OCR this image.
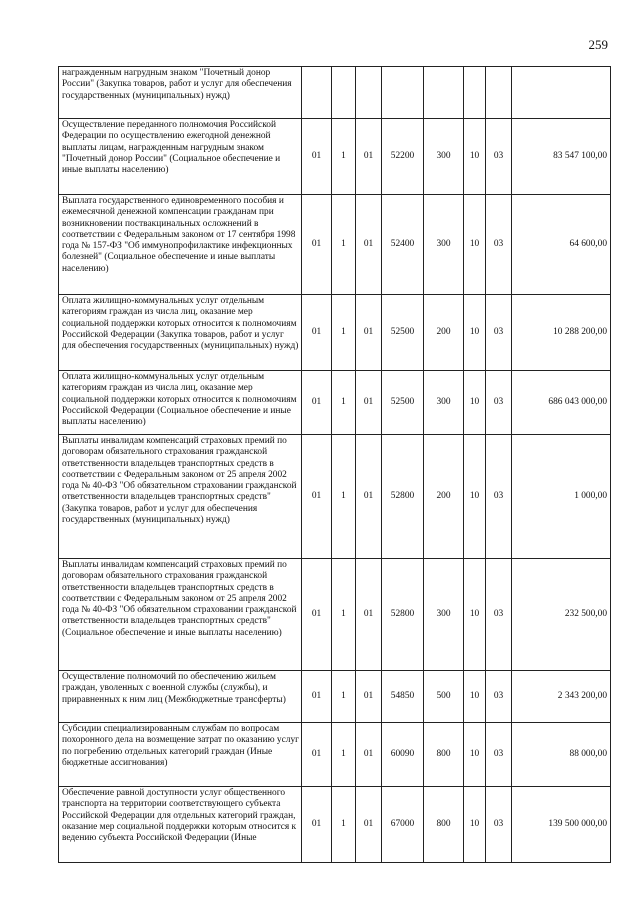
259
награжденным нагрудным знаком "Почетный донор России" (Закупка товаров, работ и услуг для обеспечения государственных (муниципальных) нужд)								
Осуществление переданного полномочия Российской Федерации по осуществлению ежегодной денежной выплаты лицам, награжденным нагрудным знаком "Почетный донор России" (Социальное обеспечение и иные выплаты населению)	01	1	01	52200	300	10	03	83 547 100,00
Выплата государственного единовременного пособия и ежемесячной денежной компенсации гражданам при возникновении поствакцинальных осложнений в соответствии с Федеральным законом от 17 сентября 1998 года № 157-ФЗ "Об иммунопрофилактике инфекционных болезней" (Социальное обеспечение и иные выплаты населению)	01	1	01	52400	300	10	03	64 600,00
Оплата жилищно-коммунальных услуг отдельным категориям граждан из числа лиц, оказание мер социальной поддержки которых относится к полномочиям Российской Федерации (Закупка товаров, работ и услуг для обеспечения государственных (муниципальных) нужд)	01	1	01	52500	200	10	03	10 288 200,00
Оплата жилищно-коммунальных услуг отдельным категориям граждан из числа лиц, оказание мер социальной поддержки которых относится к полномочиям Российской Федерации (Социальное обеспечение и иные выплаты населению)	01	1	01	52500	300	10	03	686 043 000,00
Выплаты инвалидам компенсаций страховых премий по договорам обязательного страхования гражданской ответственности владельцев транспортных средств в соответствии с Федеральным законом от 25 апреля 2002 года № 40-ФЗ "Об обязательном страховании гражданской ответственности владельцев транспортных средств" (Закупка товаров, работ и услуг для обеспечения государственных (муниципальных) нужд)	01	1	01	52800	200	10	03	1 000,00
Выплаты инвалидам компенсаций страховых премий по договорам обязательного страхования гражданской ответственности владельцев транспортных средств в соответствии с Федеральным законом от 25 апреля 2002 года № 40-ФЗ "Об обязательном страховании гражданской ответственности владельцев транспортных средств" (Социальное обеспечение и иные выплаты населению)	01	1	01	52800	300	10	03	232 500,00
Осуществление полномочий по обеспечению жильем граждан, уволенных с военной службы (службы), и приравненных к ним лиц (Межбюджетные трансферты)	01	1	01	54850	500	10	03	2 343 200,00
Субсидии специализированным службам по вопросам похоронного дела на возмещение затрат по оказанию услуг по погребению отдельных категорий граждан (Иные бюджетные ассигнования)	01	1	01	60090	800	10	03	88 000,00
Обеспечение равной доступности услуг общественного транспорта на территории соответствующего субъекта Российской Федерации для отдельных категорий граждан, оказание мер социальной поддержки которым относится к ведению субъекта Российской Федерации (Иные	01	1	01	67000	800	10	03	139 500 000,00
